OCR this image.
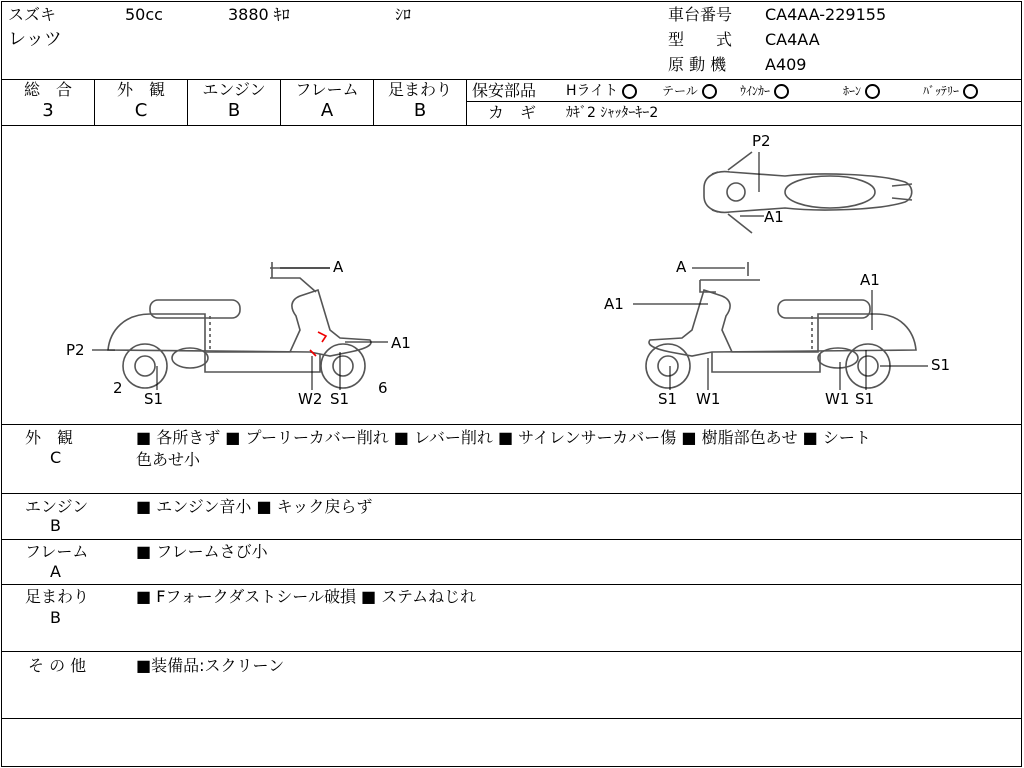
スズキ	50cc	3880 ｷﾛ	ｼﾛ
レッツ
車台番号 CA4AA-229155
型　　式 CA4AA
原 動 機 A409
総　合
3
外　観
C
エンジン
B
フレーム
A
足まわり
B
保安部品 Hライト	テール	ｳｲﾝｶｰ	ﾎｰﾝ	ﾊﾞｯﾃﾘｰ
カ　ギ ｶｷﾞ2 ｼｬｯﾀｰｷｰ2
P2
A1
A
A1
P2
2
S1	W2 S1
6
A
A1
A1
S1
S1 W1	W1 S1
外　観
C
■ 各所きず ■ プーリーカバー削れ ■ レバー削れ ■ サイレンサーカバー傷 ■ 樹脂部色あせ ■ シート
色あせ小
エンジン
B
■ エンジン音小 ■ キック戻らず
フレーム
A
■ フレームさび小
足まわり
B
■ Fフォークダストシール破損 ■ ステムねじれ
そ の 他	■装備品:スクリーン
